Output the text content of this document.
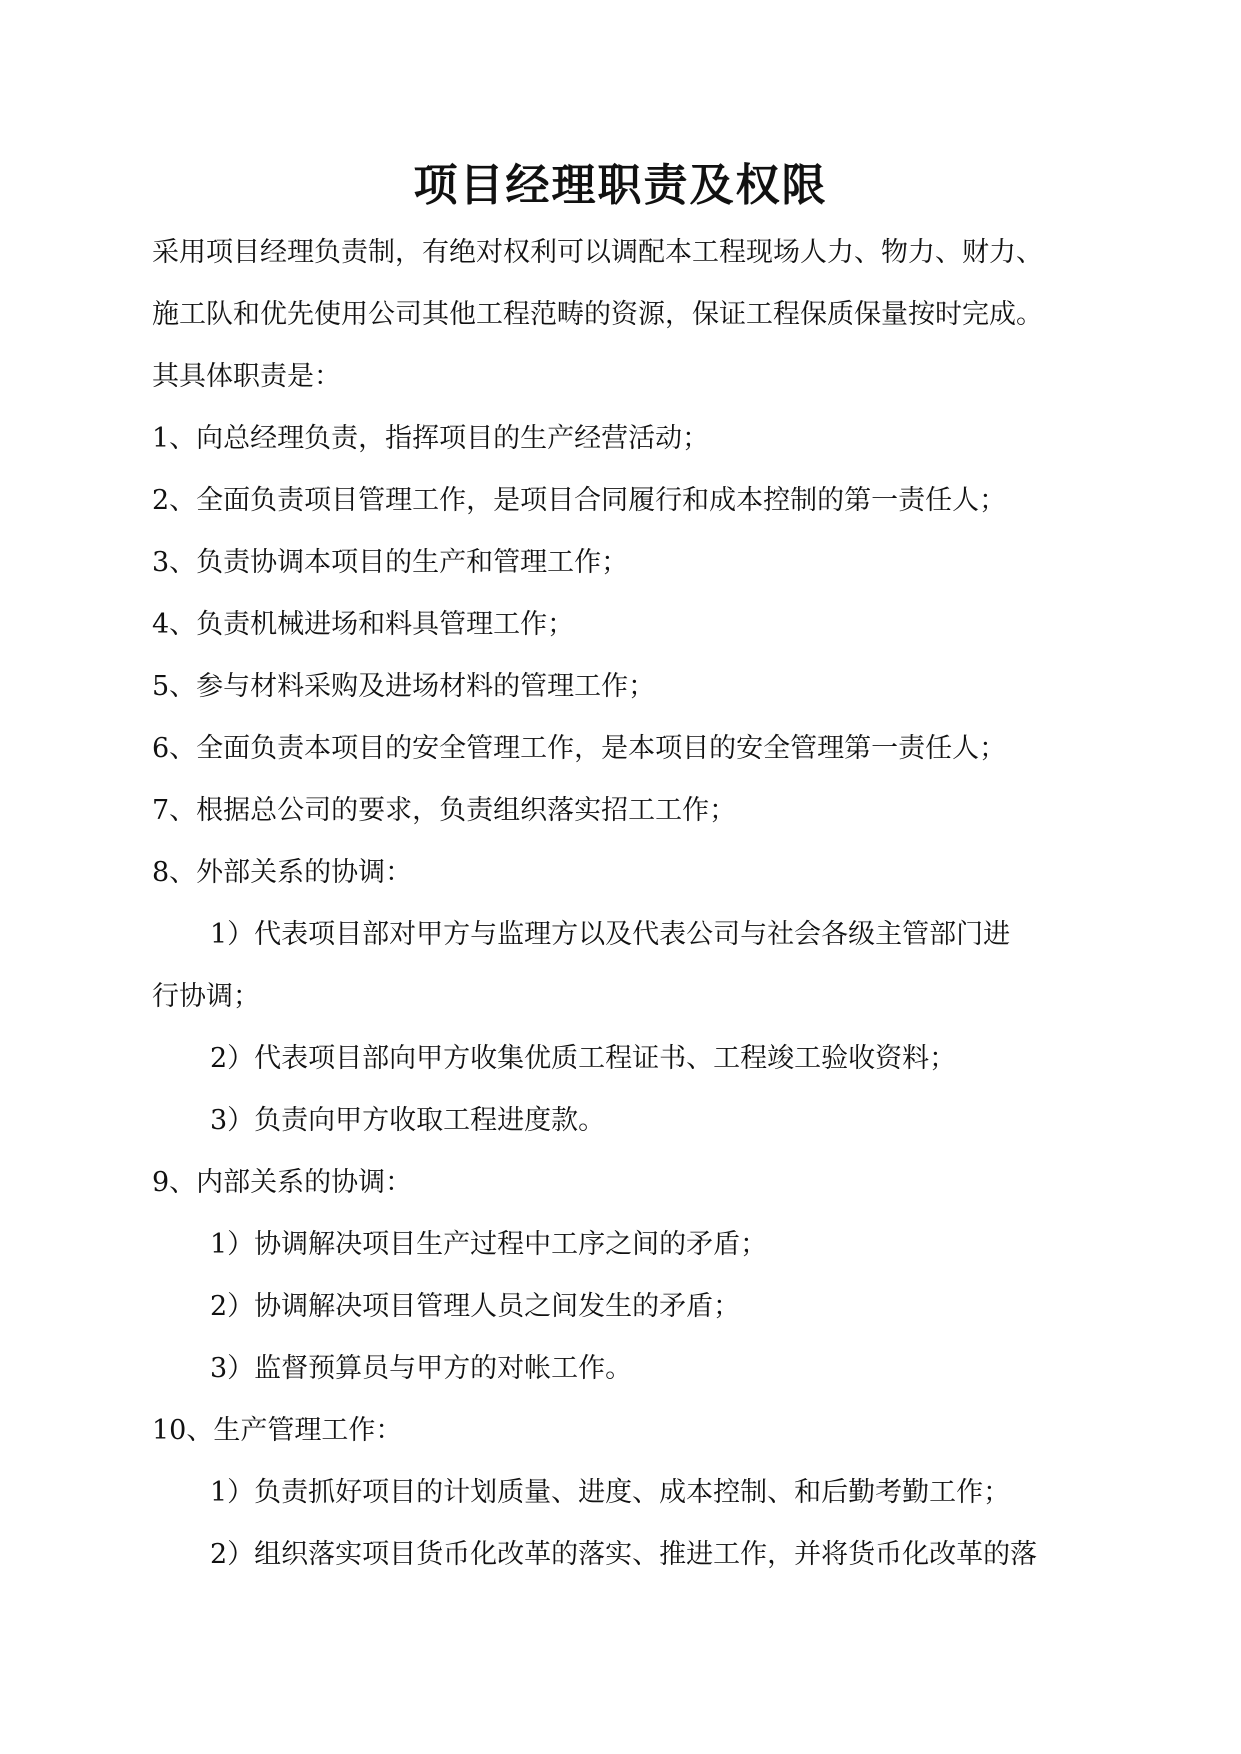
项目经理职责及权限

采用项目经理负责制，有绝对权利可以调配本工程现场人力、物力、财力、

施工队和优先使用公司其他工程范畴的资源，保证工程保质保量按时完成。

其具体职责是：

1、向总经理负责，指挥项目的生产经营活动；

2、全面负责项目管理工作，是项目合同履行和成本控制的第一责任人；

3、负责协调本项目的生产和管理工作；

4、负责机械进场和料具管理工作；

5、参与材料采购及进场材料的管理工作；

6、全面负责本项目的安全管理工作，是本项目的安全管理第一责任人；

7、根据总公司的要求，负责组织落实招工工作；

8、外部关系的协调：

1）代表项目部对甲方与监理方以及代表公司与社会各级主管部门进

行协调；

2）代表项目部向甲方收集优质工程证书、工程竣工验收资料；

3）负责向甲方收取工程进度款。

9、内部关系的协调：

1）协调解决项目生产过程中工序之间的矛盾；

2）协调解决项目管理人员之间发生的矛盾；

3）监督预算员与甲方的对帐工作。

10、生产管理工作：

1）负责抓好项目的计划质量、进度、成本控制、和后勤考勤工作；

2）组织落实项目货币化改革的落实、推进工作，并将货币化改革的落
